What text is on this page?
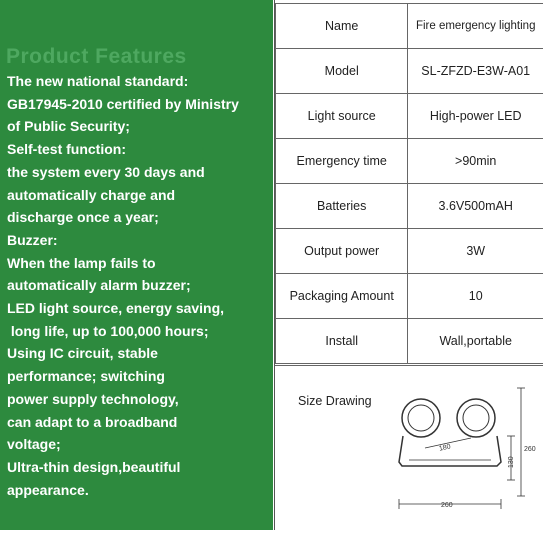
Product Features
The new national standard:
GB17945-2010 certified by Ministry
of Public Security;
Self-test function:
the system every 30 days and
automatically charge and
discharge once a year;
Buzzer:
When the lamp fails to
automatically alarm buzzer;
LED light source, energy saving,
long life, up to 100,000 hours;
Using IC circuit, stable
performance; switching
power supply technology,
can adapt to a broadband
voltage;
Ultra-thin design,beautiful
appearance.
Name	Fire emergency lighting
Model	SL-ZFZD-E3W-A01
Light source	High-power LED
Emergency time	>90min
Batteries	3.6V500mAH
Output power	3W
Packaging Amount	10
Install	Wall,portable
Size Drawing
180
260
130
260
